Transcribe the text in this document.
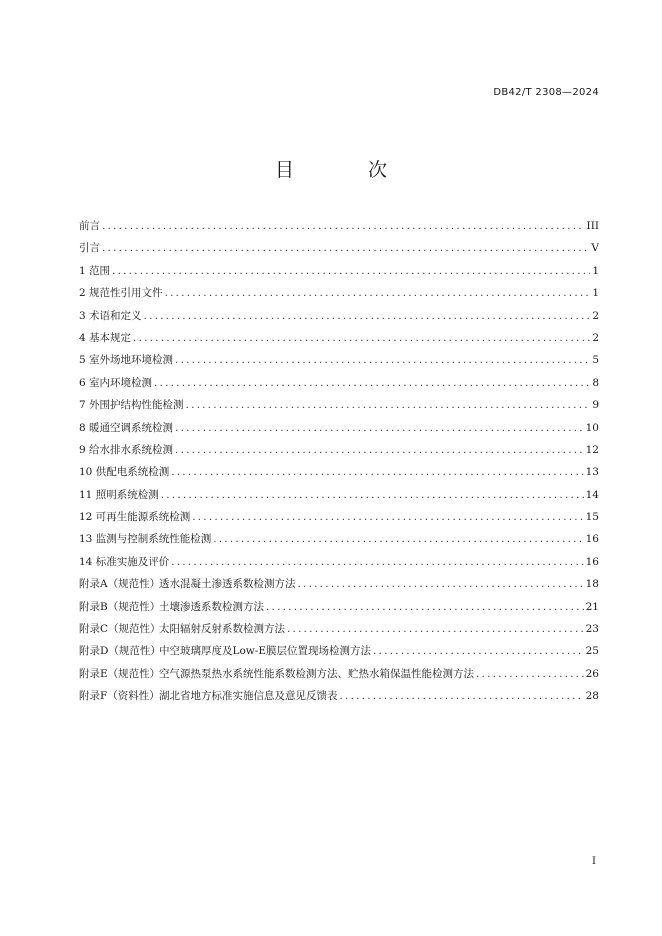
DB42/T 2308—2024
目 次
前言 .....	III
引言 .....	V
1 范围 .....	1
2 规范性引用文件 .....	1
3 术语和定义 .....	2
4 基本规定 .....	2
5 室外场地环境检测 .....	5
6 室内环境检测 .....	8
7 外围护结构性能检测 .....	9
8 暖通空调系统检测 .....	10
9 给水排水系统检测 .....	12
10 供配电系统检测 .....	13
11 照明系统检测 .....	14
12 可再生能源系统检测 .....	15
13 监测与控制系统性能检测 .....	16
14 标准实施及评价 .....	16
附录A（规范性）透水混凝土渗透系数检测方法 .....	18
附录B（规范性）土壤渗透系数检测方法 .....	21
附录C（规范性）太阳辐射反射系数检测方法 .....	23
附录D（规范性）中空玻璃厚度及Low-E膜层位置现场检测方法 .....	25
附录E（规范性）空气源热泵热水系统性能系数检测方法、贮热水箱保温性能检测方法 .....	26
附录F（资料性）湖北省地方标准实施信息及意见反馈表 .....	28
I
